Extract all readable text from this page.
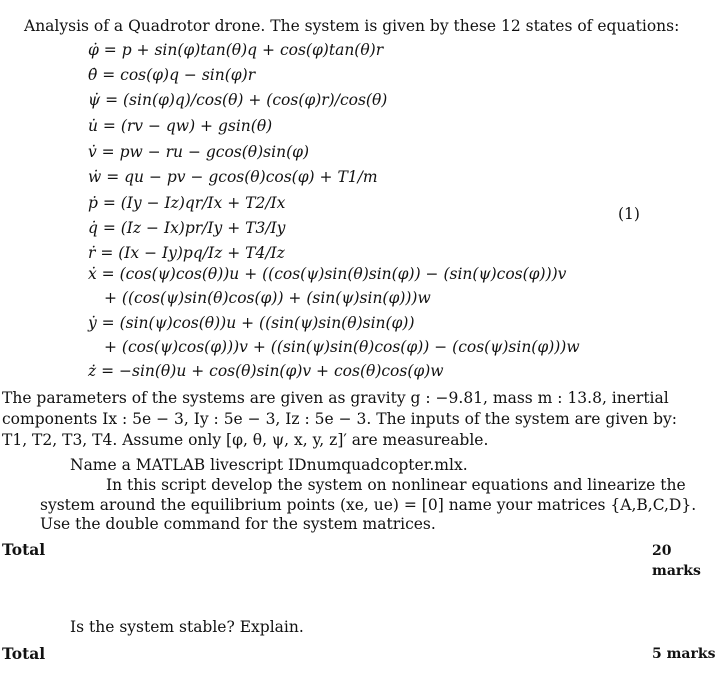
Analysis of a Quadrotor drone. The system is given by these 12 states of equations:
φ̇ = p + sin(φ)tan(θ)q + cos(φ)tan(θ)r
θ̇ = cos(φ)q − sin(φ)r
ψ̇ = (sin(φ)q)/cos(θ) + (cos(φ)r)/cos(θ)
u̇ = (rv − qw) + gsin(θ)
v̇ = pw − ru − gcos(θ)sin(φ)
ẇ = qu − pv − gcos(θ)cos(φ) + T1/m
ṗ = (Iy − Iz)qr/Ix + T2/Ix
q̇ = (Iz − Ix)pr/Iy + T3/Iy
ṙ = (Ix − Iy)pq/Iz + T4/Iz
ẋ = (cos(ψ)cos(θ))u + ((cos(ψ)sin(θ)sin(φ)) − (sin(ψ)cos(φ)))v
+ ((cos(ψ)sin(θ)cos(φ)) + (sin(ψ)sin(φ)))w
ẏ = (sin(ψ)cos(θ))u + ((sin(ψ)sin(θ)sin(φ))
+ (cos(ψ)cos(φ)))v + ((sin(ψ)sin(θ)cos(φ)) − (cos(ψ)sin(φ)))w
ż = −sin(θ)u + cos(θ)sin(φ)v + cos(θ)cos(φ)w
(1)
The parameters of the systems are given as gravity g : −9.81, mass m : 13.8, inertial
components Ix : 5e − 3, Iy : 5e − 3, Iz : 5e − 3. The inputs of the system are given by:
T1, T2, T3, T4. Assume only [φ, θ, ψ, x, y, z]′ are measureable.
Name a MATLAB livescript IDnumquadcopter.mlx.
In this script develop the system on nonlinear equations and linearize the
system around the equilibrium points (xe, ue) = [0] name your matrices {A,B,C,D}.
Use the double command for the system matrices.
Total	20
marks
Is the system stable? Explain.
Total	5 marks
